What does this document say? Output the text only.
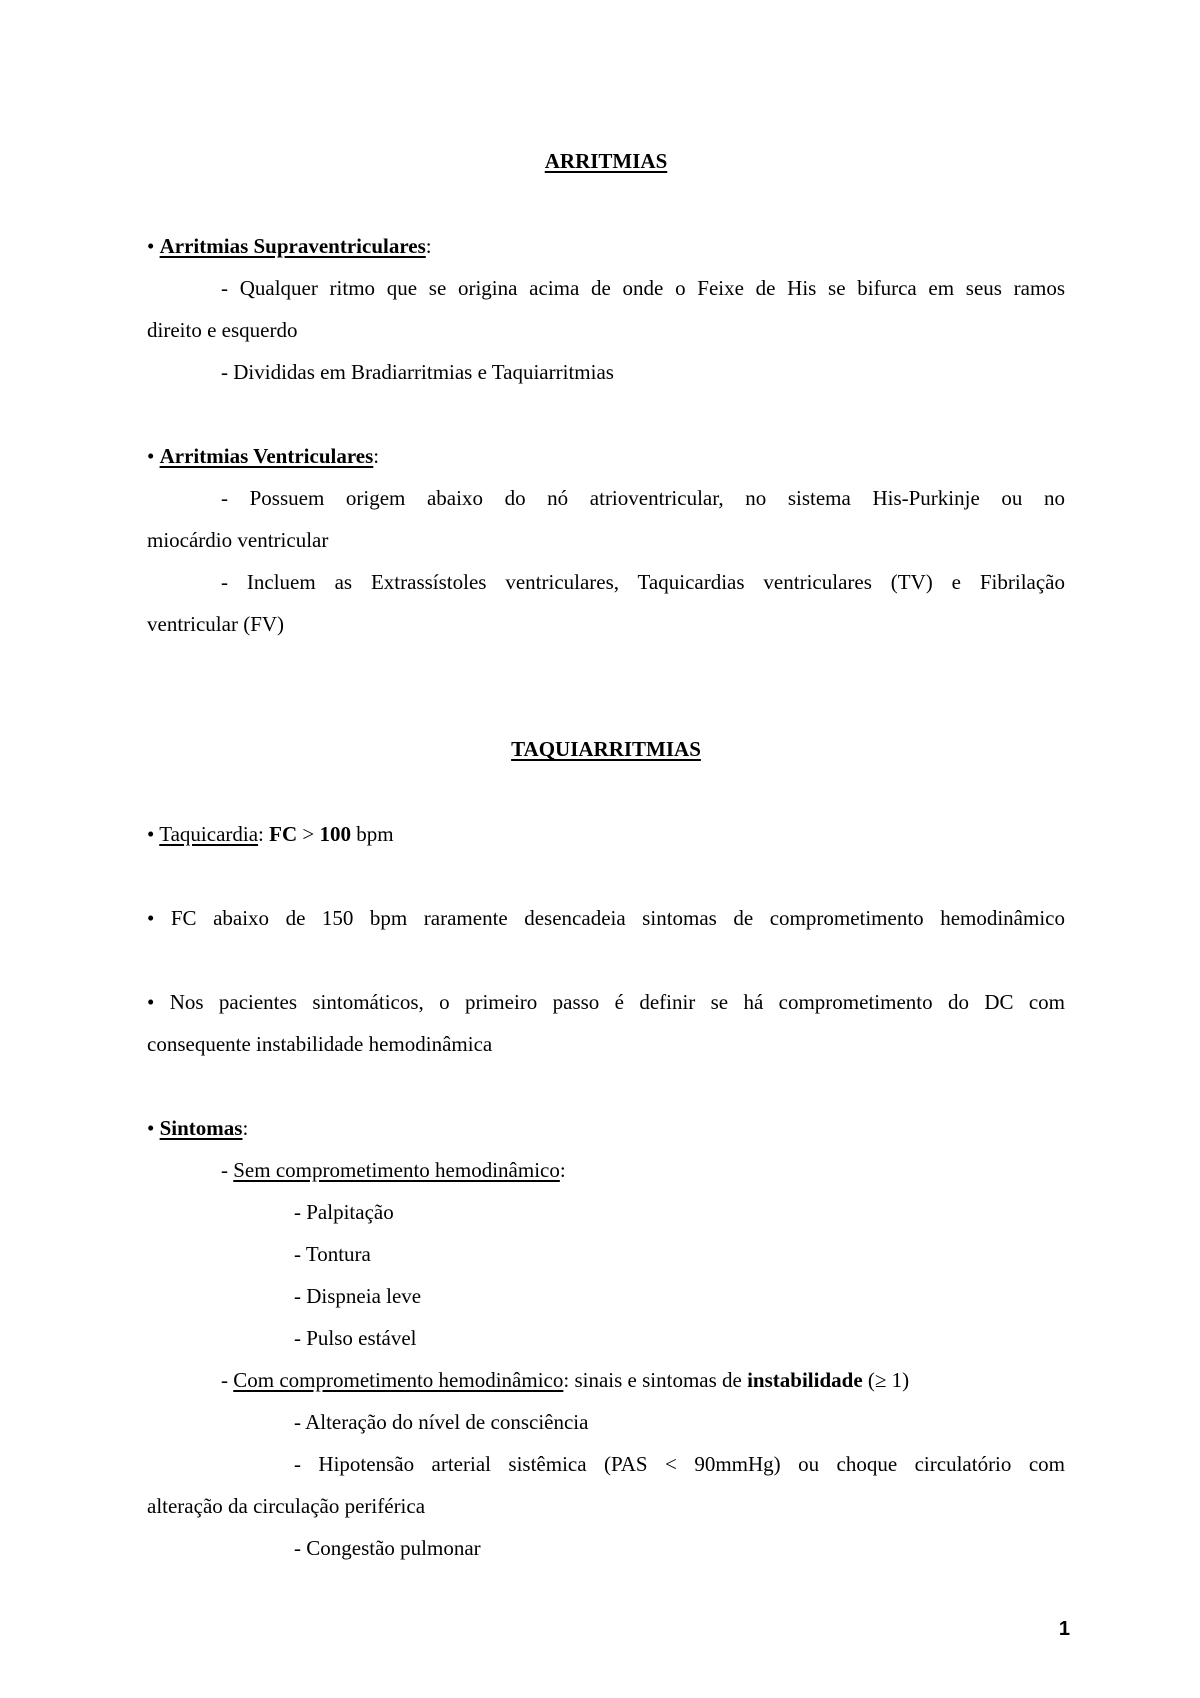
ARRITMIAS
• Arritmias Supraventriculares:
- Qualquer ritmo que se origina acima de onde o Feixe de His se bifurca em seus ramos
direito e esquerdo
- Divididas em Bradiarritmias e Taquiarritmias
• Arritmias Ventriculares:
- Possuem origem abaixo do nó atrioventricular, no sistema His-Purkinje ou no
miocárdio ventricular
- Incluem as Extrassístoles ventriculares, Taquicardias ventriculares (TV) e Fibrilação
ventricular (FV)
TAQUIARRITMIAS
• Taquicardia: FC > 100 bpm
• FC abaixo de 150 bpm raramente desencadeia sintomas de comprometimento hemodinâmico
• Nos pacientes sintomáticos, o primeiro passo é definir se há comprometimento do DC com
consequente instabilidade hemodinâmica
• Sintomas:
- Sem comprometimento hemodinâmico:
- Palpitação
- Tontura
- Dispneia leve
- Pulso estável
- Com comprometimento hemodinâmico: sinais e sintomas de instabilidade (≥ 1)
- Alteração do nível de consciência
- Hipotensão arterial sistêmica (PAS < 90mmHg) ou choque circulatório com
alteração da circulação periférica
- Congestão pulmonar
1
